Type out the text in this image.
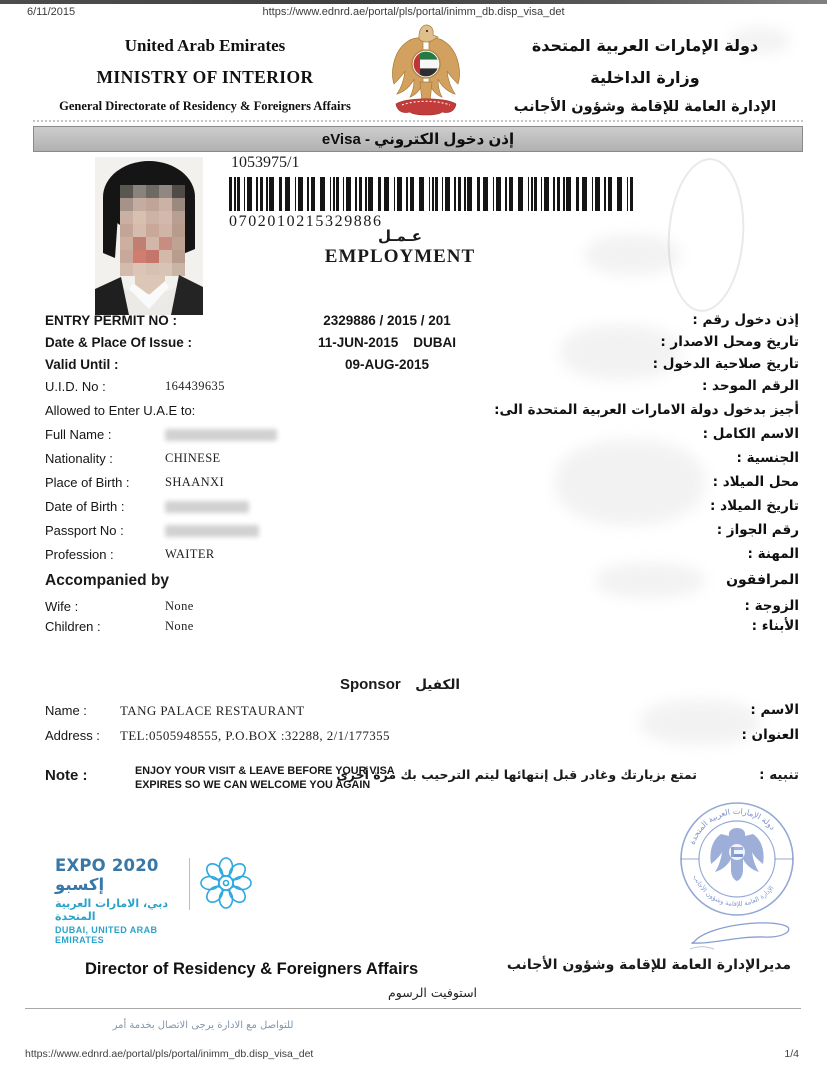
6/11/2015	https://www.ednrd.ae/portal/pls/portal/inimm_db.disp_visa_det
United Arab Emirates
MINISTRY OF INTERIOR
General Directorate of Residency & Foreigners Affairs
دولة الإمارات العربية المتحدة
وزارة الداخلية
الإدارة العامة للإقامة وشؤون الأجانب
eVisa - إذن دخول الكتروني
1053975/1
0702010215329886
عـمـل
EMPLOYMENT
ENTRY PERMIT NO :	2329886 / 2015 / 201	إذن دخول رقم :
Date & Place Of Issue :	11-JUN-2015    DUBAI	تاريخ ومحل الاصدار :
Valid Until :	09-AUG-2015	تاريخ صلاحية الدخول :
U.I.D. No :	164439635	الرقم الموحد :
Allowed to Enter U.A.E to:	أجيز بدخول دولة الامارات العربية المتحدة الى:
Full Name :	الاسم الكامل :
Nationality :	CHINESE	الجنسية :
Place of Birth :	SHAANXI	محل الميلاد :
Date of Birth :	تاريخ الميلاد :
Passport No :	رقم الجواز :
Profession :	WAITER	المهنة :
Accompanied by	المرافقون
Wife :	None	الزوجة :
Children :	None	الأبناء :
Sponsor الكفيل
Name :	TANG PALACE RESTAURANT	الاسم :
Address : TEL:0505948555, P.O.BOX :32288, 2/1/177355	العنوان :
Note :	ENJOY YOUR VISIT & LEAVE BEFORE YOUR VISA
EXPIRES SO WE CAN WELCOME YOU AGAIN
تمتع بزيارتك وغادر قبل إنتهائها ليتم الترحيب بك مرة أخرى	تنبيه :
EXPO 2020 إكسبو
دبي، الامارات العربية المتحدة
DUBAI, UNITED ARAB EMIRATES
دولة الإمارات العربية المتحدة
الإدارة العامة للإقامة وشؤون الأجانب
Director of Residency & Foreigners Affairs	مديرالإدارة العامة للإقامة وشؤون الأجانب
استوفيت الرسوم
للتواصل مع الادارة يرجى الاتصال بخدمة أمر
https://www.ednrd.ae/portal/pls/portal/inimm_db.disp_visa_det	1/4
